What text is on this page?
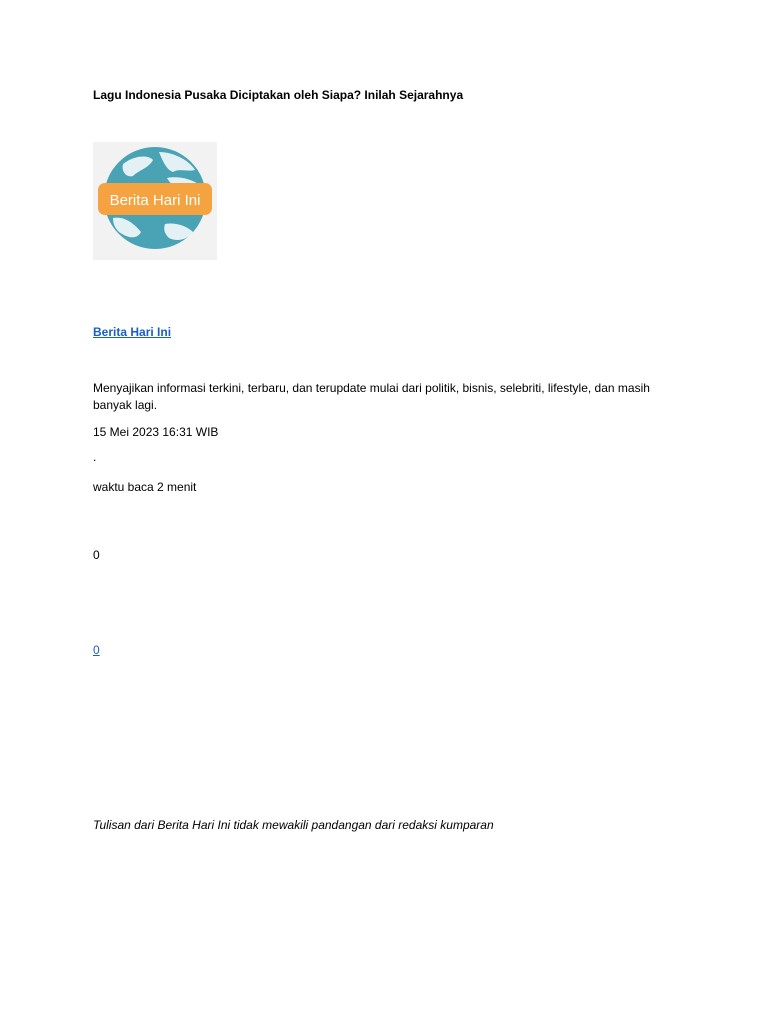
Lagu Indonesia Pusaka Diciptakan oleh Siapa? Inilah Sejarahnya
Berita Hari Ini
Berita Hari Ini
Menyajikan informasi terkini, terbaru, dan terupdate mulai dari politik, bisnis, selebriti, lifestyle, dan masih banyak lagi.
15 Mei 2023 16:31 WIB
.
waktu baca 2 menit
0
0
Tulisan dari Berita Hari Ini tidak mewakili pandangan dari redaksi kumparan
